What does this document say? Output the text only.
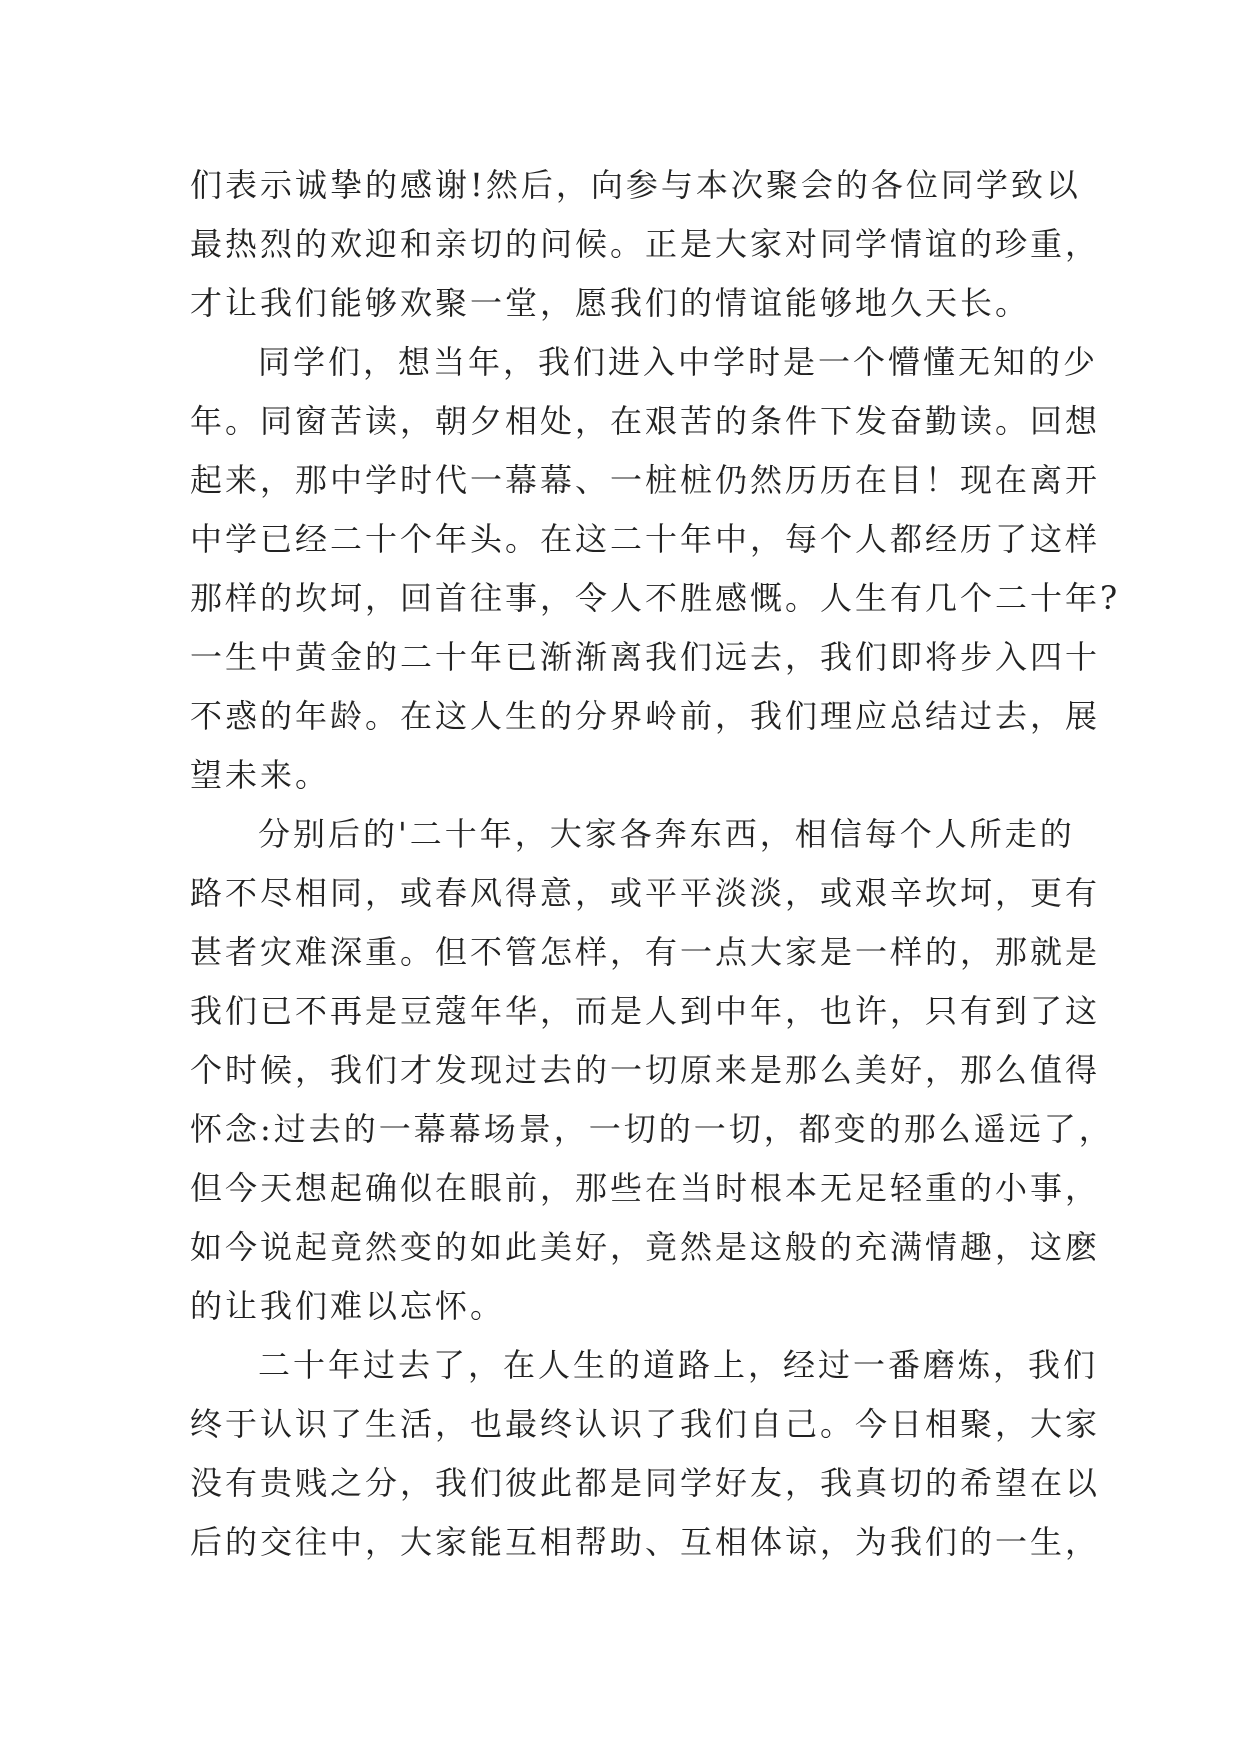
们表示诚挚的感谢!然后，向参与本次聚会的各位同学致以
最热烈的欢迎和亲切的问候。正是大家对同学情谊的珍重，
才让我们能够欢聚一堂，愿我们的情谊能够地久天长。
同学们，想当年，我们进入中学时是一个懵懂无知的少
年。同窗苦读，朝夕相处，在艰苦的条件下发奋勤读。回想
起来，那中学时代一幕幕、一桩桩仍然历历在目！现在离开
中学已经二十个年头。在这二十年中，每个人都经历了这样
那样的坎坷，回首往事，令人不胜感慨。人生有几个二十年?
一生中黄金的二十年已渐渐离我们远去，我们即将步入四十
不惑的年龄。在这人生的分界岭前，我们理应总结过去，展
望未来。
分别后的'二十年，大家各奔东西，相信每个人所走的
路不尽相同，或春风得意，或平平淡淡，或艰辛坎坷，更有
甚者灾难深重。但不管怎样，有一点大家是一样的，那就是
我们已不再是豆蔻年华，而是人到中年，也许，只有到了这
个时候，我们才发现过去的一切原来是那么美好，那么值得
怀念:过去的一幕幕场景，一切的一切，都变的那么遥远了，
但今天想起确似在眼前，那些在当时根本无足轻重的小事，
如今说起竟然变的如此美好，竟然是这般的充满情趣，这麽
的让我们难以忘怀。
二十年过去了，在人生的道路上，经过一番磨炼，我们
终于认识了生活，也最终认识了我们自己。今日相聚，大家
没有贵贱之分，我们彼此都是同学好友，我真切的希望在以
后的交往中，大家能互相帮助、互相体谅，为我们的一生，
